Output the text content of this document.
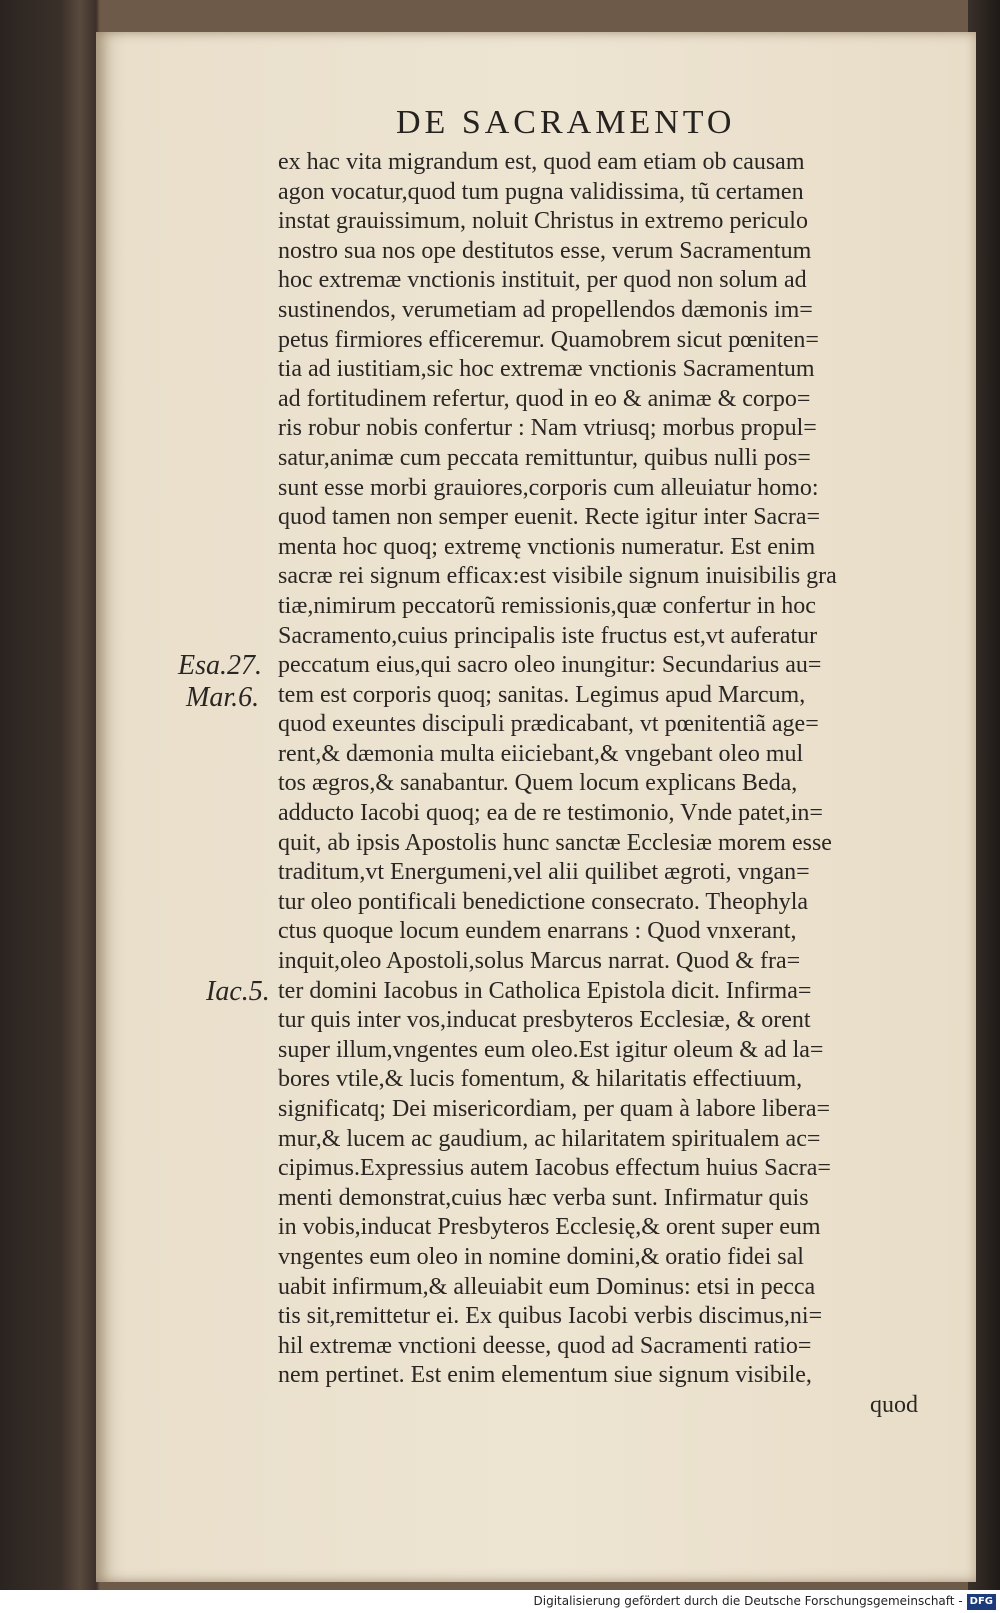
DE SACRAMENTO
Esa.27.
Mar.6.
Iac.5.
ex hac vita migrandum est, quod eam etiam ob causam
agon vocatur,quod tum pugna validissima, tũ certamen
instat grauissimum, noluit Christus in extremo periculo
nostro sua nos ope destitutos esse, verum Sacramentum
hoc extremæ vnctionis instituit, per quod non solum ad
sustinendos, verumetiam ad propellendos dæmonis im=
petus firmiores efficeremur. Quamobrem sicut pœniten=
tia ad iustitiam,sic hoc extremæ vnctionis Sacramentum
ad fortitudinem refertur, quod in eo & animæ & corpo=
ris robur nobis confertur : Nam vtriusq; morbus propul=
satur,animæ cum peccata remittuntur, quibus nulli pos=
sunt esse morbi grauiores,corporis cum alleuiatur homo:
quod tamen non semper euenit. Recte igitur inter Sacra=
menta hoc quoq; extremę vnctionis numeratur. Est enim
sacræ rei signum efficax:est visibile signum inuisibilis gra
tiæ,nimirum peccatorũ remissionis,quæ confertur in hoc
Sacramento,cuius principalis iste fructus est,vt auferatur
peccatum eius,qui sacro oleo inungitur: Secundarius au=
tem est corporis quoq; sanitas. Legimus apud Marcum,
quod exeuntes discipuli prædicabant, vt pœnitentiã age=
rent,& dæmonia multa eiiciebant,& vngebant oleo mul
tos ægros,& sanabantur. Quem locum explicans Beda,
adducto Iacobi quoq; ea de re testimonio, Vnde patet,in=
quit, ab ipsis Apostolis hunc sanctæ Ecclesiæ morem esse
traditum,vt Energumeni,vel alii quilibet ægroti, vngan=
tur oleo pontificali benedictione consecrato. Theophyla
ctus quoque locum eundem enarrans : Quod vnxerant,
inquit,oleo Apostoli,solus Marcus narrat. Quod & fra=
ter domini Iacobus in Catholica Epistola dicit. Infirma=
tur quis inter vos,inducat presbyteros Ecclesiæ, & orent
super illum,vngentes eum oleo.Est igitur oleum & ad la=
bores vtile,& lucis fomentum, & hilaritatis effectiuum,
significatq; Dei misericordiam, per quam à labore libera=
mur,& lucem ac gaudium, ac hilaritatem spiritualem ac=
cipimus.Expressius autem Iacobus effectum huius Sacra=
menti demonstrat,cuius hæc verba sunt. Infirmatur quis
in vobis,inducat Presbyteros Ecclesię,& orent super eum
vngentes eum oleo in nomine domini,& oratio fidei sal
uabit infirmum,& alleuiabit eum Dominus: etsi in pecca
tis sit,remittetur ei. Ex quibus Iacobi verbis discimus,ni=
hil extremæ vnctioni deesse, quod ad Sacramenti ratio=
nem pertinet. Est enim elementum siue signum visibile,
quod
Digitalisierung gefördert durch die Deutsche Forschungsgemeinschaft - DFG
